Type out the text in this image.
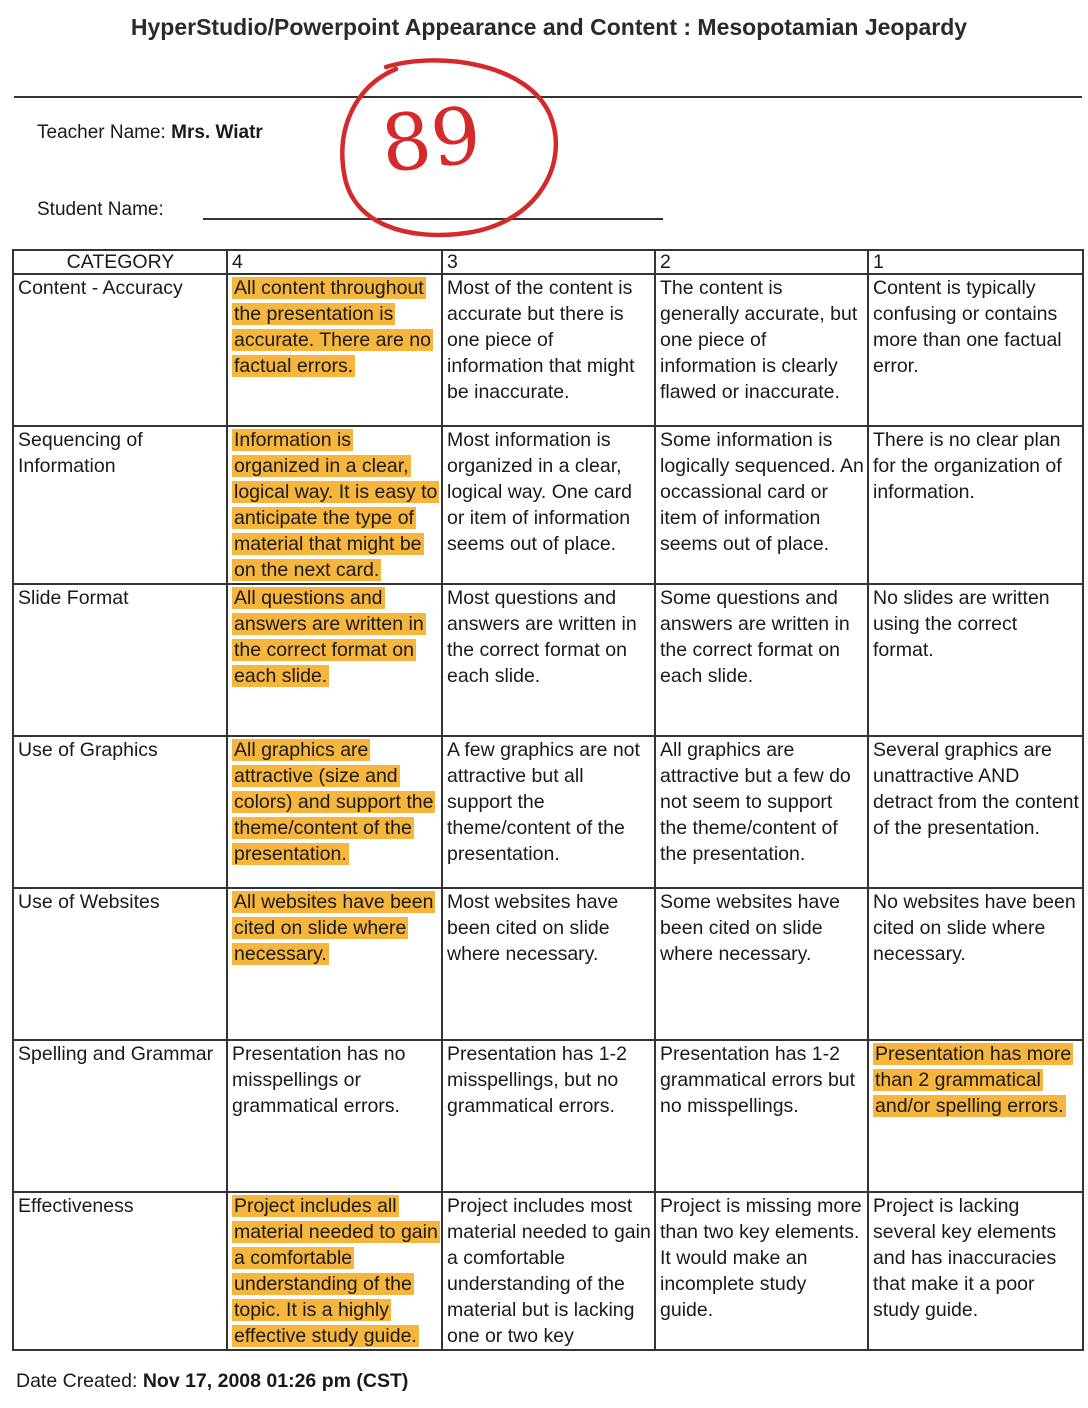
HyperStudio/Powerpoint Appearance and Content : Mesopotamian Jeopardy
Teacher Name: Mrs. Wiatr
Student Name:
89
CATEGORY	4	3	2	1
Content - Accuracy	All content throughout the presentation is accurate. There are no factual errors.	Most of the content is accurate but there is one piece of information that might be inaccurate.	The content is generally accurate, but one piece of information is clearly flawed or inaccurate.	Content is typically confusing or contains more than one factual error.
Sequencing of Information	Information is organized in a clear, logical way. It is easy to anticipate the type of material that might be on the next card.	Most information is organized in a clear, logical way. One card or item of information seems out of place.	Some information is logically sequenced. An occassional card or item of information seems out of place.	There is no clear plan for the organization of information.
Slide Format	All questions and answers are written in the correct format on each slide.	Most questions and answers are written in the correct format on each slide.	Some questions and answers are written in the correct format on each slide.	No slides are written using the correct format.
Use of Graphics	All graphics are attractive (size and colors) and support the theme/content of the presentation.	A few graphics are not attractive but all support the theme/content of the presentation.	All graphics are attractive but a few do not seem to support the theme/content of the presentation.	Several graphics are unattractive AND detract from the content of the presentation.
Use of Websites	All websites have been cited on slide where necessary.	Most websites have been cited on slide where necessary.	Some websites have been cited on slide where necessary.	No websites have been cited on slide where necessary.
Spelling and Grammar	Presentation has no misspellings or grammatical errors.	Presentation has 1-2 misspellings, but no grammatical errors.	Presentation has 1-2 grammatical errors but no misspellings.	Presentation has more than 2 grammatical and/or spelling errors.
Effectiveness	Project includes all material needed to gain a comfortable understanding of the topic. It is a highly effective study guide.	Project includes most material needed to gain a comfortable understanding of the material but is lacking one or two key	Project is missing more than two key elements. It would make an incomplete study guide.	Project is lacking several key elements and has inaccuracies that make it a poor study guide.
Date Created: Nov 17, 2008 01:26 pm (CST)
